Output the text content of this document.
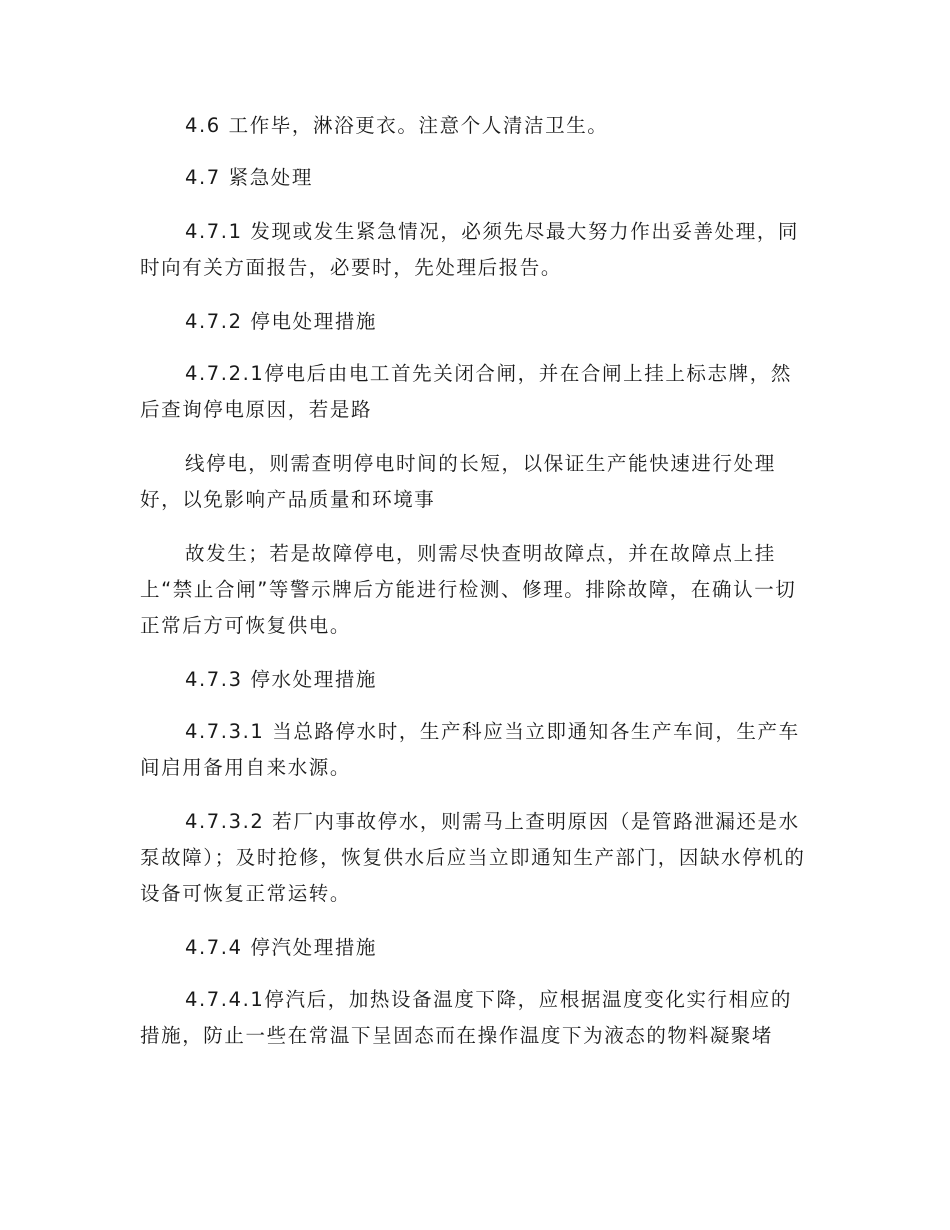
4.6 工作毕，淋浴更衣。注意个人清洁卫生。

4.7 紧急处理

4.7.1 发现或发生紧急情况，必须先尽最大努力作出妥善处理，同时向有关方面报告，必要时，先处理后报告。

4.7.2 停电处理措施

4.7.2.1停电后由电工首先关闭合闸，并在合闸上挂上标志牌，然后查询停电原因，若是路

线停电，则需查明停电时间的长短，以保证生产能快速进行处理好，以免影响产品质量和环境事

故发生；若是故障停电，则需尽快查明故障点，并在故障点上挂上“禁止合闸”等警示牌后方能进行检测、修理。排除故障，在确认一切正常后方可恢复供电。

4.7.3 停水处理措施

4.7.3.1 当总路停水时，生产科应当立即通知各生产车间，生产车间启用备用自来水源。

4.7.3.2 若厂内事故停水，则需马上查明原因（是管路泄漏还是水泵故障）；及时抢修，恢复供水后应当立即通知生产部门，因缺水停机的设备可恢复正常运转。

4.7.4 停汽处理措施

4.7.4.1停汽后，加热设备温度下降，应根据温度变化实行相应的措施，防止一些在常温下呈固态而在操作温度下为液态的物料凝聚堵
